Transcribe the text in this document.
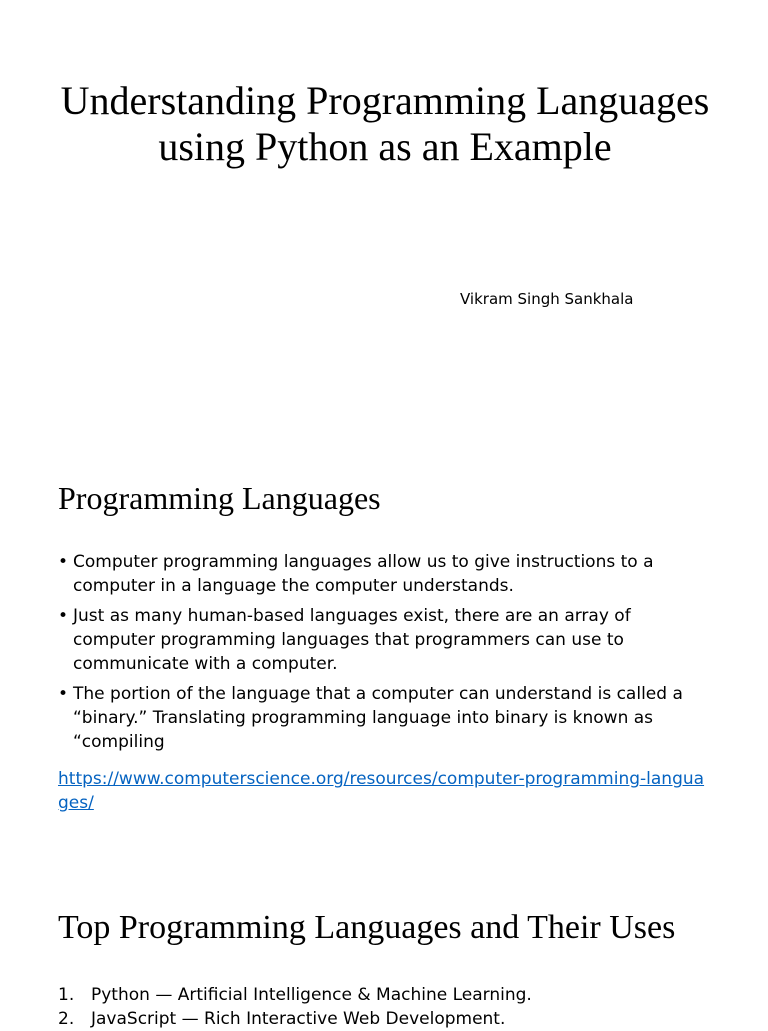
Understanding Programming Languages using Python as an Example

Vikram Singh Sankhala

Programming Languages
• Computer programming languages allow us to give instructions to a computer in a language the computer understands.
• Just as many human-based languages exist, there are an array of computer programming languages that programmers can use to communicate with a computer.
• The portion of the language that a computer can understand is called a “binary.” Translating programming language into binary is known as “compiling
https://www.computerscience.org/resources/computer-programming-languages/
Top Programming Languages and Their Uses
1. Python — Artificial Intelligence & Machine Learning.
2. JavaScript — Rich Interactive Web Development.
